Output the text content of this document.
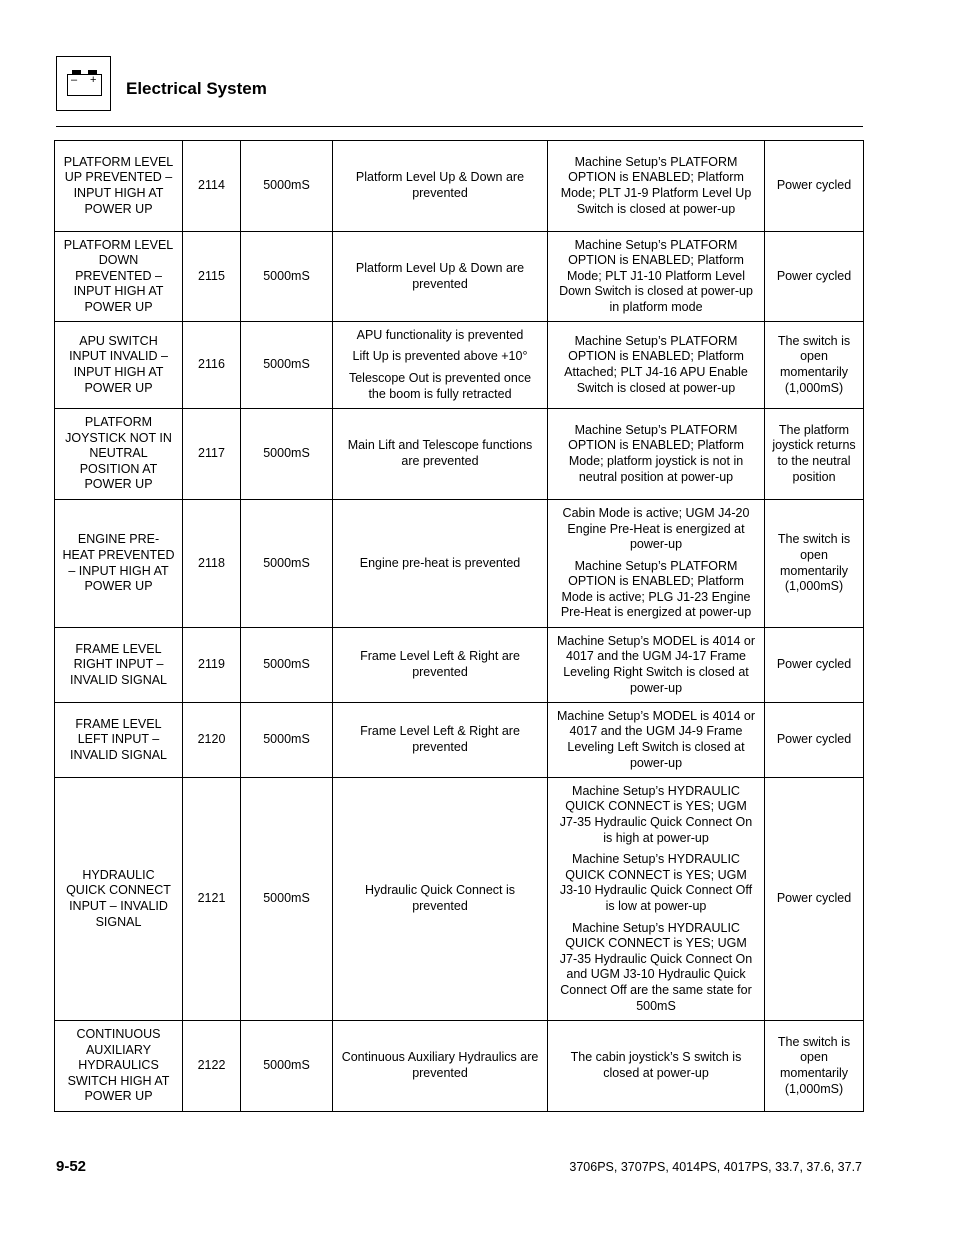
– + Electrical System
PLATFORM LEVEL UP PREVENTED – INPUT HIGH AT POWER UP	2114	5000mS	Platform Level Up & Down are prevented	Machine Setup’s PLATFORM OPTION is ENABLED; Platform Mode; PLT J1-9 Platform Level Up Switch is closed at power-up	Power cycled
PLATFORM LEVEL DOWN PREVENTED – INPUT HIGH AT POWER UP	2115	5000mS	Platform Level Up & Down are prevented	Machine Setup’s PLATFORM OPTION is ENABLED; Platform Mode; PLT J1-10 Platform Level Down Switch is closed at power-up in platform mode	Power cycled
APU SWITCH INPUT INVALID – INPUT HIGH AT POWER UP	2116	5000mS	APU functionality is prevented
Lift Up is prevented above +10°
Telescope Out is prevented once the boom is fully retracted	Machine Setup’s PLATFORM OPTION is ENABLED; Platform Attached; PLT J4-16 APU Enable Switch is closed at power-up	The switch is open momentarily (1,000mS)
PLATFORM JOYSTICK NOT IN NEUTRAL POSITION AT POWER UP	2117	5000mS	Main Lift and Telescope functions are prevented	Machine Setup’s PLATFORM OPTION is ENABLED; Platform Mode; platform joystick is not in neutral position at power-up	The platform joystick returns to the neutral position
ENGINE PRE-HEAT PREVENTED – INPUT HIGH AT POWER UP	2118	5000mS	Engine pre-heat is prevented	Cabin Mode is active; UGM J4-20 Engine Pre-Heat is energized at power-up
Machine Setup’s PLATFORM OPTION is ENABLED; Platform Mode is active; PLG J1-23 Engine Pre-Heat is energized at power-up	The switch is open momentarily (1,000mS)
FRAME LEVEL RIGHT INPUT – INVALID SIGNAL	2119	5000mS	Frame Level Left & Right are prevented	Machine Setup’s MODEL is 4014 or 4017 and the UGM J4-17 Frame Leveling Right Switch is closed at power-up	Power cycled
FRAME LEVEL LEFT INPUT – INVALID SIGNAL	2120	5000mS	Frame Level Left & Right are prevented	Machine Setup’s MODEL is 4014 or 4017 and the UGM J4-9 Frame Leveling Left Switch is closed at power-up	Power cycled
HYDRAULIC QUICK CONNECT INPUT – INVALID SIGNAL	2121	5000mS	Hydraulic Quick Connect is prevented	Machine Setup’s HYDRAULIC QUICK CONNECT is YES; UGM J7-35 Hydraulic Quick Connect On is high at power-up
Machine Setup’s HYDRAULIC QUICK CONNECT is YES; UGM J3-10 Hydraulic Quick Connect Off is low at power-up
Machine Setup’s HYDRAULIC QUICK CONNECT is YES; UGM J7-35 Hydraulic Quick Connect On and UGM J3-10 Hydraulic Quick Connect Off are the same state for 500mS	Power cycled
CONTINUOUS AUXILIARY HYDRAULICS SWITCH HIGH AT POWER UP	2122	5000mS	Continuous Auxiliary Hydraulics are prevented	The cabin joystick’s S switch is closed at power-up	The switch is open momentarily (1,000mS)
9-52	3706PS, 3707PS, 4014PS, 4017PS, 33.7, 37.6, 37.7
